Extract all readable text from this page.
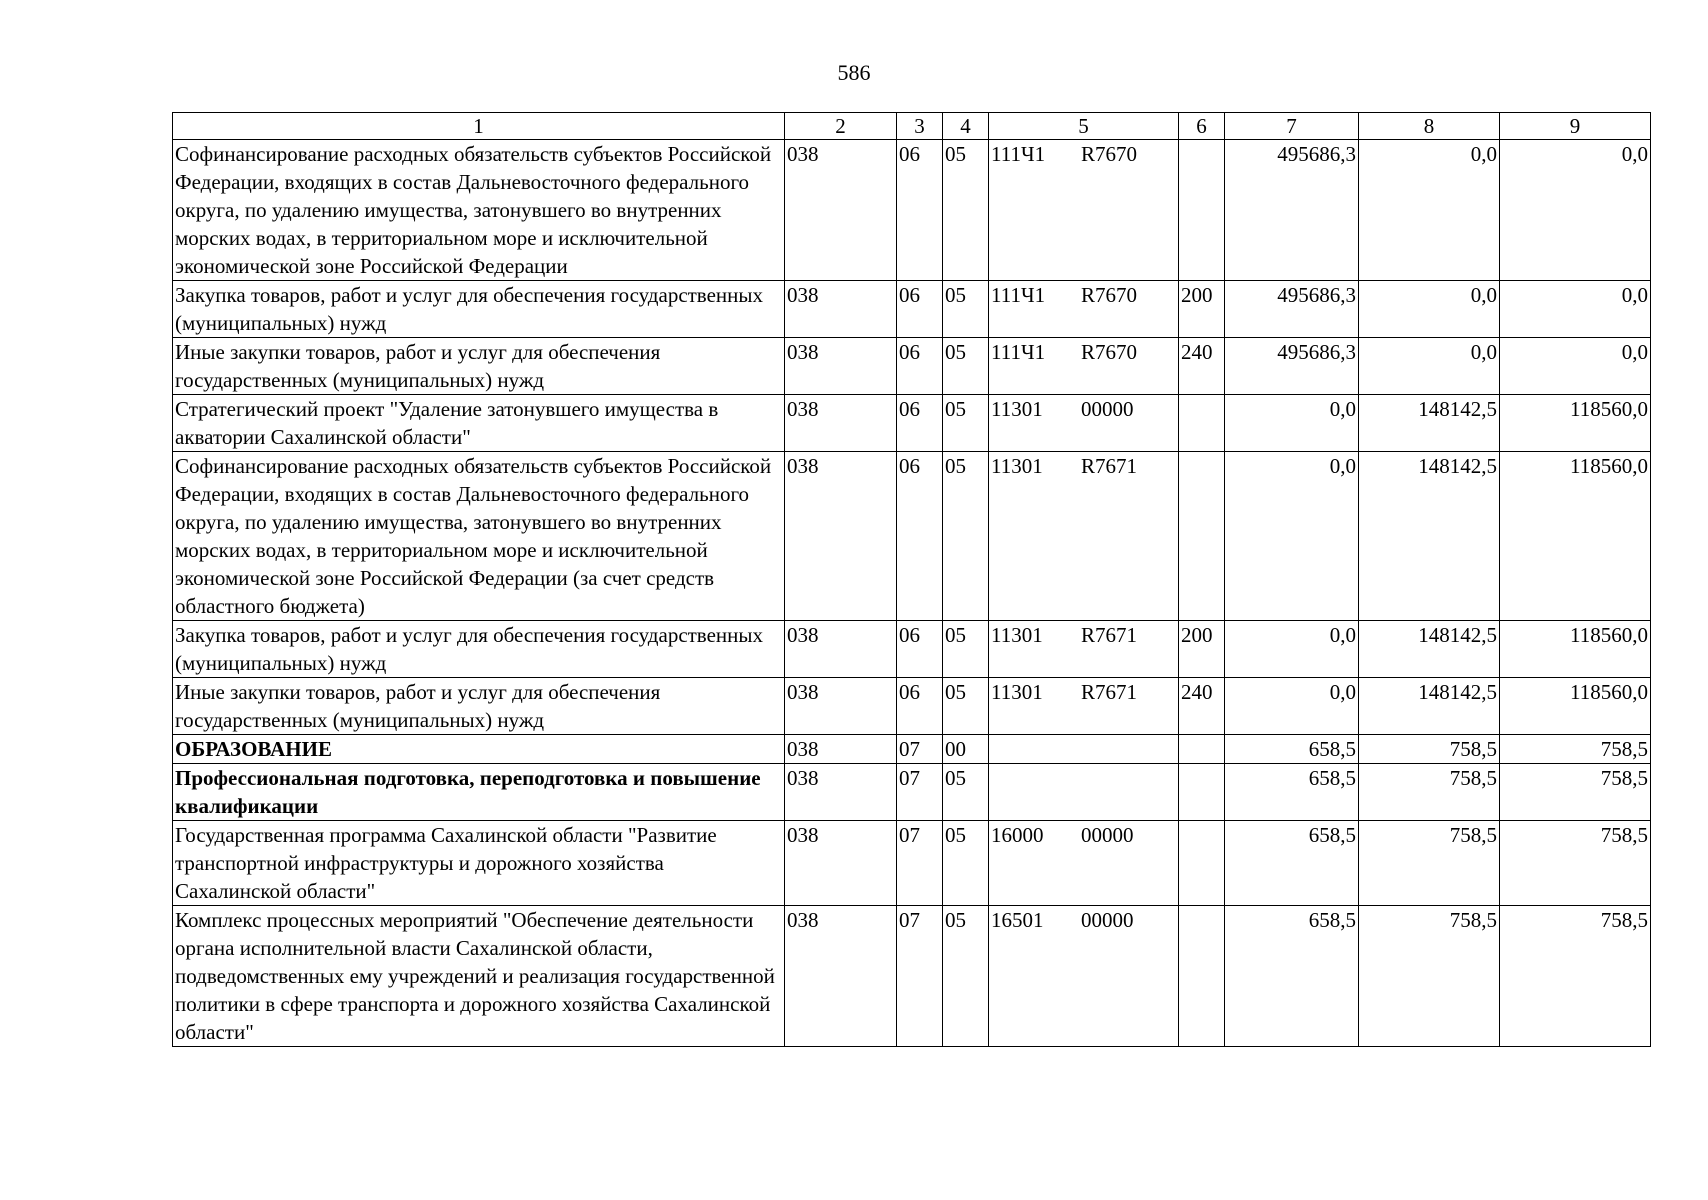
586
1	2	3	4	5	6	7	8	9
Софинансирование расходных обязательств субъектов Российской Федерации, входящих в состав Дальневосточного федерального округа, по удалению имущества, затонувшего во внутренних морских водах, в территориальном море и исключительной экономической зоне Российской Федерации	038	06	05	111Ч1 R7670		495686,3	0,0	0,0
Закупка товаров, работ и услуг для обеспечения государственных (муниципальных) нужд	038	06	05	111Ч1 R7670	200	495686,3	0,0	0,0
Иные закупки товаров, работ и услуг для обеспечения государственных (муниципальных) нужд	038	06	05	111Ч1 R7670	240	495686,3	0,0	0,0
Стратегический проект "Удаление затонувшего имущества в акватории Сахалинской области"	038	06	05	11301 00000		0,0	148142,5	118560,0
Софинансирование расходных обязательств субъектов Российской Федерации, входящих в состав Дальневосточного федерального округа, по удалению имущества, затонувшего во внутренних морских водах, в территориальном море и исключительной экономической зоне Российской Федерации (за счет средств областного бюджета)	038	06	05	11301 R7671		0,0	148142,5	118560,0
Закупка товаров, работ и услуг для обеспечения государственных (муниципальных) нужд	038	06	05	11301 R7671	200	0,0	148142,5	118560,0
Иные закупки товаров, работ и услуг для обеспечения государственных (муниципальных) нужд	038	06	05	11301 R7671	240	0,0	148142,5	118560,0
ОБРАЗОВАНИЕ	038	07	00			658,5	758,5	758,5
Профессиональная подготовка, переподготовка и повышение квалификации	038	07	05			658,5	758,5	758,5
Государственная программа Сахалинской области "Развитие транспортной инфраструктуры и дорожного хозяйства Сахалинской области"	038	07	05	16000 00000		658,5	758,5	758,5
Комплекс процессных мероприятий "Обеспечение деятельности органа исполнительной власти Сахалинской области, подведомственных ему учреждений и реализация государственной политики в сфере транспорта и дорожного хозяйства Сахалинской области"	038	07	05	16501 00000		658,5	758,5	758,5
